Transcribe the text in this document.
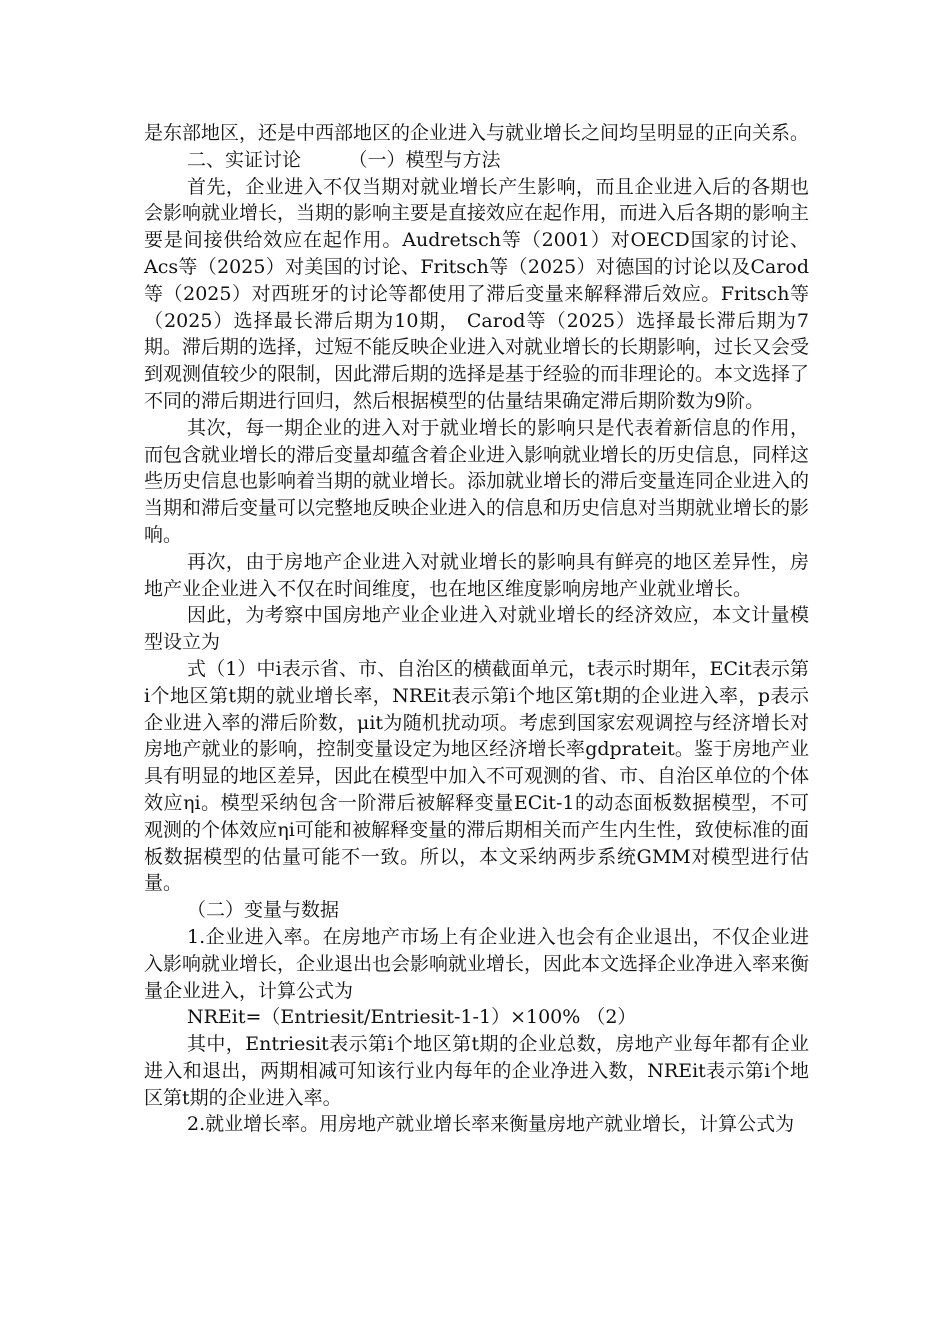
是东部地区，还是中西部地区的企业进入与就业增长之间均呈明显的正向关系。

二、实证讨论　　　（一）模型与方法

首先，企业进入不仅当期对就业增长产生影响，而且企业进入后的各期也会影响就业增长，当期的影响主要是直接效应在起作用，而进入后各期的影响主要是间接供给效应在起作用。Audretsch等（2001）对OECD国家的讨论、Acs等（2025）对美国的讨论、Fritsch等（2025）对德国的讨论以及Carod等（2025）对西班牙的讨论等都使用了滞后变量来解释滞后效应。Fritsch等（2025）选择最长滞后期为10期， Carod等（2025）选择最长滞后期为7期。滞后期的选择，过短不能反映企业进入对就业增长的长期影响，过长又会受到观测值较少的限制，因此滞后期的选择是基于经验的而非理论的。本文选择了不同的滞后期进行回归，然后根据模型的估量结果确定滞后期阶数为9阶。

其次，每一期企业的进入对于就业增长的影响只是代表着新信息的作用，而包含就业增长的滞后变量却蕴含着企业进入影响就业增长的历史信息，同样这些历史信息也影响着当期的就业增长。添加就业增长的滞后变量连同企业进入的当期和滞后变量可以完整地反映企业进入的信息和历史信息对当期就业增长的影响。

再次，由于房地产企业进入对就业增长的影响具有鲜亮的地区差异性，房地产业企业进入不仅在时间维度，也在地区维度影响房地产业就业增长。

因此，为考察中国房地产业企业进入对就业增长的经济效应，本文计量模型设立为

式（1）中i表示省、市、自治区的横截面单元，t表示时期年，ECit表示第i个地区第t期的就业增长率，NREit表示第i个地区第t期的企业进入率，p表示企业进入率的滞后阶数，μit为随机扰动项。考虑到国家宏观调控与经济增长对房地产就业的影响，控制变量设定为地区经济增长率gdprateit。鉴于房地产业具有明显的地区差异，因此在模型中加入不可观测的省、市、自治区单位的个体效应ηi。模型采纳包含一阶滞后被解释变量ECit-1的动态面板数据模型，不可观测的个体效应ηi可能和被解释变量的滞后期相关而产生内生性，致使标准的面板数据模型的估量可能不一致。所以，本文采纳两步系统GMM对模型进行估量。

（二）变量与数据

1.企业进入率。在房地产市场上有企业进入也会有企业退出，不仅企业进入影响就业增长，企业退出也会影响就业增长，因此本文选择企业净进入率来衡量企业进入，计算公式为

NREit=（Entriesit/Entriesit-1-1）×100% （2）

其中，Entriesit表示第i个地区第t期的企业总数，房地产业每年都有企业进入和退出，两期相减可知该行业内每年的企业净进入数，NREit表示第i个地区第t期的企业进入率。

2.就业增长率。用房地产就业增长率来衡量房地产就业增长，计算公式为
